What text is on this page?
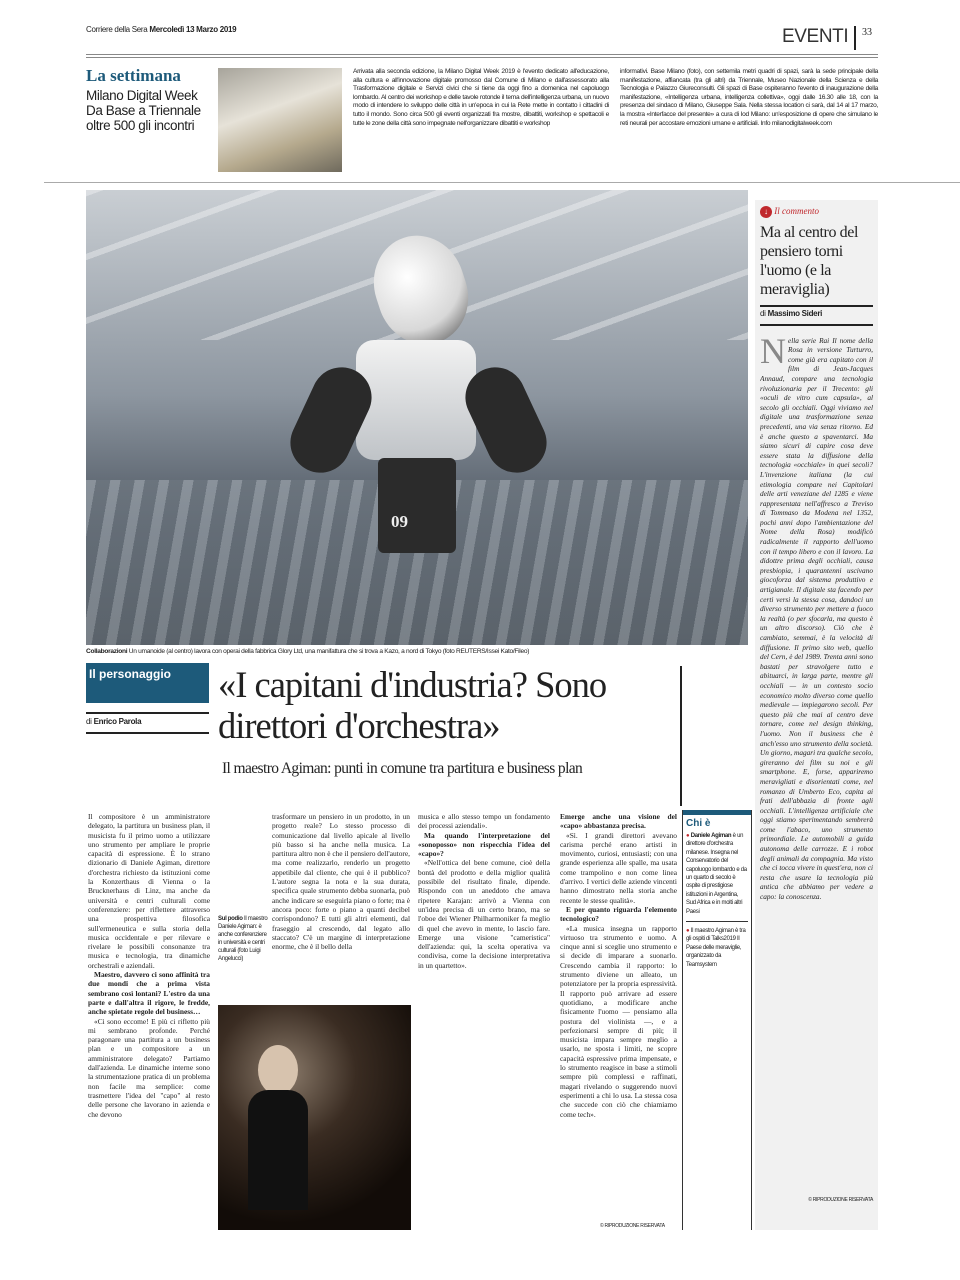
Corriere della Sera Mercoledì 13 Marzo 2019	EVENTI 33
La settimana
Milano Digital Week Da Base a Triennale oltre 500 gli incontri
Arrivata alla seconda edizione, la Milano Digital Week 2019 è l'evento dedicato all'educazione, alla cultura e all'innovazione digitale promosso dal Comune di Milano e dall'assessorato alla Trasformazione digitale e Servizi civici che si tiene da oggi fino a domenica nel capoluogo lombardo. Al centro dei workshop e delle tavole rotonde il tema dell'intelligenza urbana, un nuovo modo di intendere lo sviluppo delle città in un'epoca in cui la Rete mette in contatto i cittadini di tutto il mondo. Sono circa 500 gli eventi organizzati fra mostre, dibattiti, workshop e spettacoli e tutte le zone della città sono impegnate nell'organizzare dibattiti e workshop
informativi. Base Milano (foto), con settemila metri quadri di spazi, sarà la sede principale della manifestazione, affiancata (tra gli altri) da Triennale, Museo Nazionale della Scienza e della Tecnologia e Palazzo Giureconsulti. Gli spazi di Base ospiteranno l'evento di inaugurazione della manifestazione, «Intelligenza urbana, intelligenza collettiva», oggi dalle 16.30 alle 18, con la presenza del sindaco di Milano, Giuseppe Sala. Nella stessa location ci sarà, dal 14 al 17 marzo, la mostra «Interfacce del presente» a cura di Iod Milano: un'esposizione di opere che simulano le reti neurali per accostare emozioni umane e artificiali. Info milanodigitalweek.com
09
Collaborazioni Un umanoide (al centro) lavora con operai della fabbrica Glory Ltd, una manifattura che si trova a Kazo, a nord di Tokyo (foto REUTERS/Issei Kato/Fileo)
Il personaggio
di Enrico Parola
«I capitani d'industria? Sono direttori d'orchestra»
Il maestro Agiman: punti in comune tra partitura e business plan

Il compositore è un amministratore delegato, la partitura un business plan, il musicista fu il primo uomo a utilizzare uno strumento per ampliare le proprie capacità di espressione. È lo strano dizionario di Daniele Agiman, direttore d'orchestra richiesto da istituzioni come la Konzerthaus di Vienna o la Brucknerhaus di Linz, ma anche da università e centri culturali come conferenziere: per riflettere attraverso una prospettiva filosofica sull'ermeneutica e sulla storia della musica occidentale e per rilevare e rivelare le possibili consonanze tra musica e tecnologia, tra dinamiche orchestrali e aziendali.

Maestro, davvero ci sono affinità tra due mondi che a prima vista sembrano così lontani? L'estro da una parte e dall'altra il rigore, le fredde, anche spietate regole del business…

«Ci sono eccome! E più ci rifletto più mi sembrano profonde. Perché paragonare una partitura a un business plan e un compositore a un amministratore delegato? Partiamo dall'azienda. Le dinamiche interne sono la strumentazione pratica di un problema non facile ma semplice: come trasmettere l'idea del "capo" al resto delle persone che lavorano in azienda e che devono

Sul podio Il maestro Daniele Agiman: è anche conferenziere in università e centri culturali (foto Luigi Angelucci)
trasformare un pensiero in un prodotto, in un progetto reale? Lo stesso processo di comunicazione dal livello apicale al livello più basso si ha anche nella musica. La partitura altro non è che il pensiero dell'autore, ma come realizzarlo, renderlo un progetto appetibile dal cliente, che qui è il pubblico? L'autore segna la nota e la sua durata, specifica quale strumento debba suonarla, può anche indicare se eseguirla piano o forte; ma è ancora poco: forte o piano a quanti decibel corrispondono? E tutti gli altri elementi, dal fraseggio al crescendo, dal legato allo staccato? C'è un margine di interpretazione enorme, che è il bello della

musica e allo stesso tempo un fondamento dei processi aziendali».

Ma quando l'interpretazione del «sonoposso» non rispecchia l'idea del «capo»?

«Nell'ottica del bene comune, cioè della bontà del prodotto e della miglior qualità possibile del risultato finale, dipende. Rispondo con un aneddoto che amava ripetere Karajan: arrivò a Vienna con un'idea precisa di un certo brano, ma se l'oboe dei Wiener Philharmoniker fa meglio di quel che avevo in mente, lo lascio fare. Emerge una visione "cameristica" dell'azienda: qui, la scelta operativa va condivisa, come la decisione interpretativa in un quartetto».

Emerge anche una visione del «capo» abbastanza precisa.

«Sì. I grandi direttori avevano carisma perché erano artisti in movimento, curiosi, entusiasti; con una grande esperienza alle spalle, ma usata come trampolino e non come linea d'arrivo. I vertici delle aziende vincenti hanno dimostrato nella storia anche recente le stesse qualità».

E per quanto riguarda l'elemento tecnologico?

«La musica insegna un rapporto virtuoso tra strumento e uomo. A cinque anni si sceglie uno strumento e si decide di imparare a suonarlo. Crescendo cambia il rapporto: lo strumento diviene un alleato, un potenziatore per la propria espressività. Il rapporto può arrivare ad essere quotidiano, a modificare anche fisicamente l'uomo — pensiamo alla postura del violinista —, e a perfezionarsi sempre di più; il musicista impara sempre meglio a usarlo, ne sposta i limiti, ne scopre capacità espressive prima impensate, e lo strumento reagisce in base a stimoli sempre più complessi e raffinati, magari rivelando o suggerendo nuovi esperimenti a chi lo usa. La stessa cosa che succede con ciò che chiamiamo come tech».

© RIPRODUZIONE RISERVATA
Chi è
● Daniele Agiman è un direttore d'orchestra milanese. Insegna nel Conservatorio del capoluogo lombardo e da un quarto di secolo è ospite di prestigiose istituzioni in Argentina, Sud Africa e in molti altri Paesi
● Il maestro Agiman è tra gli ospiti di Talks2019 Il Paese delle meraviglie, organizzato da Teamsystem
↓ Il commento
Ma al centro del pensiero torni l'uomo (e la meraviglia)
di Massimo Sideri
Nella serie Rai Il nome della Rosa in versione Turturro, come già era capitato con il film di Jean-Jacques Annaud, compare una tecnologia rivoluzionaria per il Trecento: gli «oculi de vitro cum capsula», al secolo gli occhiali. Oggi viviamo nel digitale una trasformazione senza precedenti, una via senza ritorno. Ed è anche questo a spaventarci. Ma siamo sicuri di capire cosa deve essere stata la diffusione della tecnologia «occhiale» in quei secoli? L'invenzione italiana (la cui etimologia compare nei Capitolari delle arti veneziane del 1285 e viene rappresentata nell'affresco a Treviso di Tommaso da Modena nel 1352, pochi anni dopo l'ambientazione del Nome della Rosa) modificò radicalmente il rapporto dell'uomo con il tempo libero e con il lavoro. La didottre prima degli occhiali, causa presbiopia, i quarantenni uscivano giocoforza dal sistema produttivo e artigianale. Il digitale sta facendo per certi versi la stessa cosa, dandoci un diverso strumento per mettere a fuoco la realtà (o per sfocarla, ma questo è un altro discorso). Ciò che è cambiato, semmai, è la velocità di diffusione. Il primo sito web, quello del Cern, è del 1989. Trenta anni sono bastati per stravolgere tutto e abituarci, in larga parte, mentre gli occhiali — in un contesto socio economico molto diverso come quello medievale — impiegarono secoli. Per questo più che mai al centro deve tornare, come nel design thinking, l'uomo. Non il business che è anch'esso uno strumento della società. Un giorno, magari tra qualche secolo, gireranno dei film su noi e gli smartphone. E, forse, appariremo meravigliati e disorientati come, nel romanzo di Umberto Eco, capita ai frati dell'abbazia di fronte agli occhiali. L'intelligenza artificiale che oggi stiamo sperimentando sembrerà come l'abaco, uno strumento primordiale. Le automobili a guida autonoma delle carrozze. E i robot degli animali da compagnia. Ma visto che ci tocca vivere in quest'era, non ci resta che usare la tecnologia più antica che abbiamo per vedere a capo: la conoscenza.
© RIPRODUZIONE RISERVATA
